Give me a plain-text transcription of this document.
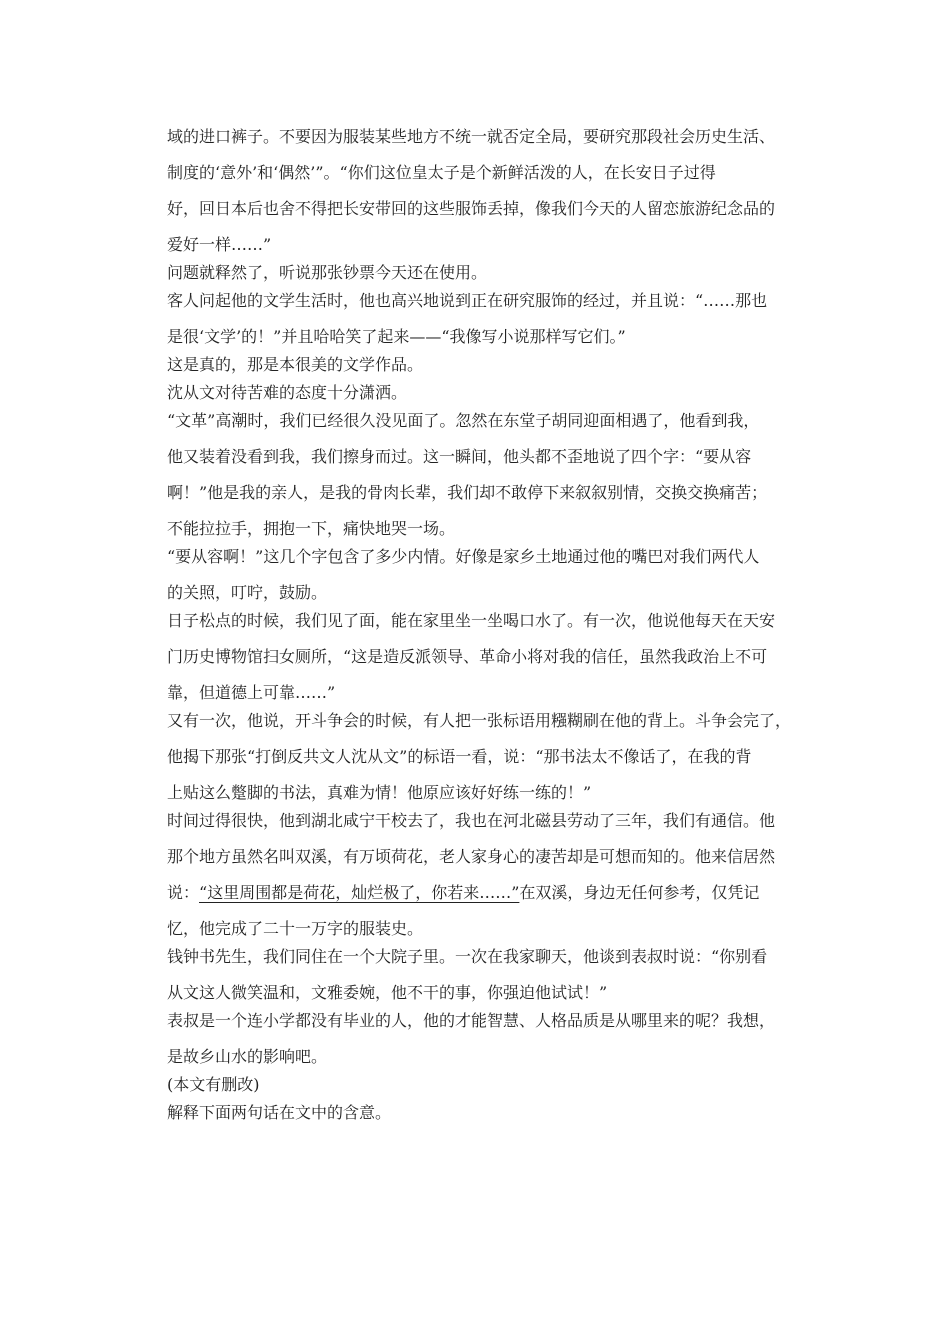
域的进口裤子。不要因为服装某些地方不统一就否定全局，要研究那段社会历史生活、
制度的‘意外’和‘偶然’”。“你们这位皇太子是个新鲜活泼的人，在长安日子过得
好，回日本后也舍不得把长安带回的这些服饰丢掉，像我们今天的人留恋旅游纪念品的
爱好一样……”
问题就释然了，听说那张钞票今天还在使用。
客人问起他的文学生活时，他也高兴地说到正在研究服饰的经过，并且说：“……那也
是很‘文学’的！”并且哈哈笑了起来——“我像写小说那样写它们。”
这是真的，那是本很美的文学作品。
沈从文对待苦难的态度十分潇洒。
“文革”高潮时，我们已经很久没见面了。忽然在东堂子胡同迎面相遇了，他看到我，
他又装着没看到我，我们擦身而过。这一瞬间，他头都不歪地说了四个字：“要从容
啊！”他是我的亲人，是我的骨肉长辈，我们却不敢停下来叙叙别情，交换交换痛苦；
不能拉拉手，拥抱一下，痛快地哭一场。
“要从容啊！”这几个字包含了多少内情。好像是家乡土地通过他的嘴巴对我们两代人
的关照，叮咛，鼓励。
日子松点的时候，我们见了面，能在家里坐一坐喝口水了。有一次，他说他每天在天安
门历史博物馆扫女厕所，“这是造反派领导、革命小将对我的信任，虽然我政治上不可
靠，但道德上可靠……”
又有一次，他说，开斗争会的时候，有人把一张标语用糨糊刷在他的背上。斗争会完了，
他揭下那张“打倒反共文人沈从文”的标语一看，说：“那书法太不像话了，在我的背
上贴这么蹩脚的书法，真难为情！他原应该好好练一练的！”
时间过得很快，他到湖北咸宁干校去了，我也在河北磁县劳动了三年，我们有通信。他
那个地方虽然名叫双溪，有万顷荷花，老人家身心的凄苦却是可想而知的。他来信居然
说：“这里周围都是荷花，灿烂极了，你若来……”在双溪，身边无任何参考，仅凭记
忆，他完成了二十一万字的服装史。
钱钟书先生，我们同住在一个大院子里。一次在我家聊天，他谈到表叔时说：“你别看
从文这人微笑温和，文雅委婉，他不干的事，你强迫他试试！”
表叔是一个连小学都没有毕业的人，他的才能智慧、人格品质是从哪里来的呢？我想，
是故乡山水的影响吧。
(本文有删改)
解释下面两句话在文中的含意。
